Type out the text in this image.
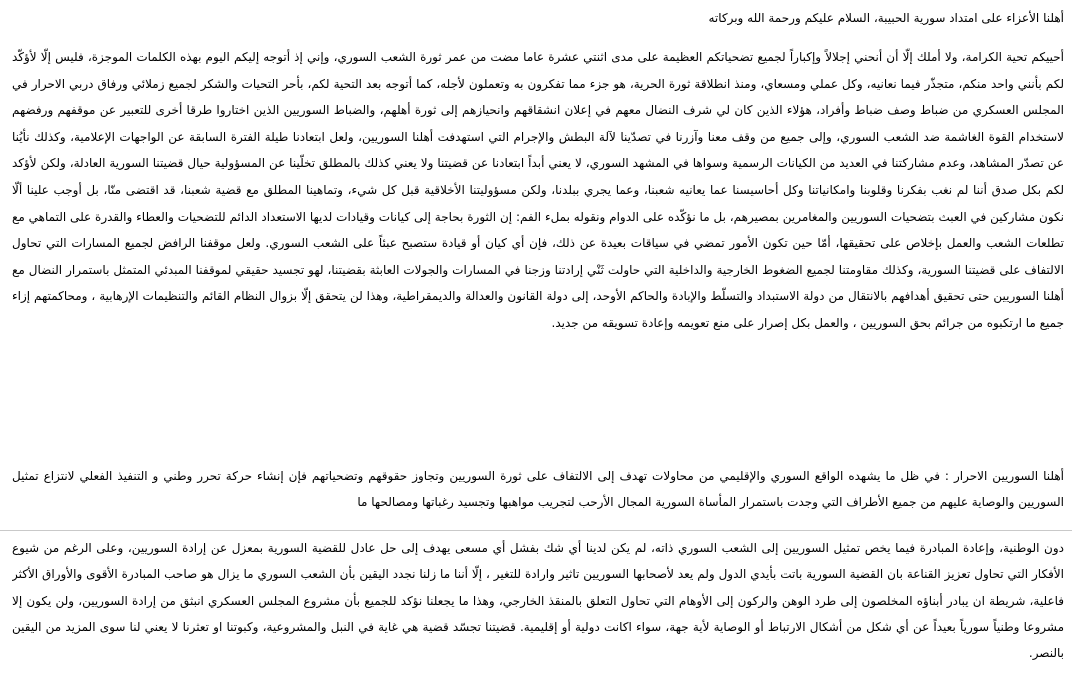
أهلنا الأعزاء على امتداد سورية الحبيبة، السلام عليكم ورحمة الله وبركاته

أحييكم تحية الكرامة، ولا أملك إلّا أن أنحني إجلالاً وإكباراً لجميع تضحياتكم العظيمة على مدى اثنتي عشرة عاما مضت من عمر ثورة الشعب السوري، وإني إذ أتوجه إليكم اليوم بهذه الكلمات الموجزة، فليس إلّا لأؤكّد لكم بأنني واحد منكم، متجذّر فيما نعانيه، وكل عملي ومسعاي، ومنذ انطلاقة ثورة الحرية، هو جزء مما تفكرون به وتعملون لأجله، كما أتوجه بعد التحية لكم، بأحر التحيات والشكر لجميع زملائي ورفاق دربي الاحرار في المجلس العسكري من ضباط وصف ضباط وأفراد، هؤلاء الذين كان لي شرف النضال معهم في إعلان انشقاقهم وانحيازهم إلى ثورة أهلهم، والضباط السوريين الذين اختاروا طرقا أخرى للتعبير عن موقفهم ورفضهم لاستخدام القوة الغاشمة ضد الشعب السوري، وإلى جميع من وقف معنا وآزرنا في تصدّينا لآلة البطش والإجرام التي استهدفت أهلنا السوريين، ولعل ابتعادنا طيلة الفترة السابقة عن الواجهات الإعلامية، وكذلك نأيُنا عن تصدّر المشاهد، وعدم مشاركتنا في العديد من الكيانات الرسمية وسواها في المشهد السوري، لا يعني أبداً ابتعادنا عن قضيتنا ولا يعني كذلك بالمطلق تخلّينا عن المسؤولية حيال قضيتنا السورية العادلة، ولكن لأؤكد لكم بكل صدق أننا لم نغب بفكرنا وقلوبنا وامكانياتنا وكل أحاسيسنا عما يعانيه شعبنا، وعما يجري ببلدنا، ولكن مسؤوليتنا الأخلاقية قبل كل شيء، وتماهينا المطلق مع قضية شعبنا، قد اقتضى منّا، بل أوجب علينا ألّا نكون مشاركين في العبث بتضحيات السوريين والمغامرين بمصيرهم، بل ما نؤكّده على الدوام ونقوله بملء الفم: إن الثورة بحاجة إلى كيانات وقيادات لديها الاستعداد الدائم للتضحيات والعطاء والقدرة على التماهي مع تطلعات الشعب والعمل بإخلاص على تحقيقها، أمّا حين تكون الأمور تمضي في سياقات بعيدة عن ذلك، فإن أي كيان أو قيادة ستصبح عبئاً على الشعب السوري. ولعل موقفنا الرافض لجميع المسارات التي تحاول الالتفاف على قضيتنا السورية، وكذلك مقاومتنا لجميع الضغوط الخارجية والداخلية التي حاولت ثَنْي إرادتنا وزجنا في المسارات والجولات العابثة بقضيتنا، لهو تجسيد حقيقي لموقفنا المبدئي المتمثل باستمرار النضال مع أهلنا السوريين حتى تحقيق أهدافهم بالانتقال من دولة الاستبداد والتسلّط والإبادة والحاكم الأوحد، إلى دولة القانون والعدالة والديمقراطية، وهذا لن يتحقق إلّا بزوال النظام القائم والتنظيمات الإرهابية ، ومحاكمتهم إزاء جميع ما ارتكبوه من جرائم بحق السوريين ، والعمل بكل إصرار على منع تعويمه وإعادة تسويقه من جديد.

أهلنا السوريين الاحرار : في ظل ما يشهده الواقع السوري والإقليمي من محاولات تهدف إلى الالتفاف على ثورة السوريين وتجاوز حقوقهم وتضحياتهم فإن إنشاء حركة تحرر وطني و التنفيذ الفعلي لانتزاع تمثيل السوريين والوصاية عليهم من جميع الأطراف التي وجدت باستمرار المأساة السورية المجال الأرحب لتجريب مواهبها وتجسيد رغباتها ومصالحها ما

دون الوطنية، وإعادة المبادرة فيما يخص تمثيل السوريين إلى الشعب السوري ذاته، لم يكن لدينا أي شك بفشل أي مسعى يهدف إلى حل عادل للقضية السورية بمعزل عن إرادة السوريين، وعلى الرغم من شيوع الأفكار التي تحاول تعزيز القناعة بان القضية السورية باتت بأيدي الدول ولم يعد لأصحابها السوريين تاثير وارادة للتغير ، إلّا أننا ما زلنا نجدد اليقين بأن الشعب السوري ما يزال هو صاحب المبادرة الأقوى والأوراق الأكثر فاعلية، شريطة ان يبادر أبناؤه المخلصون إلى طرد الوهن والركون إلى الأوهام التي تحاول التعلق بالمنقذ الخارجي، وهذا ما يجعلنا نؤكد للجميع بأن مشروع المجلس العسكري انبثق من إرادة السوريين، ولن يكون إلا مشروعا وطنياً سورياً بعيداً عن أي شكل من أشكال الارتباط أو الوصاية لأية جهة، سواء اكانت دولية أو إقليمية. قضيتنا تجسّد قضية هي غاية في النبل والمشروعية، وكبوتنا او تعثرنا لا يعني لنا سوى المزيد من اليقين بالنصر.
